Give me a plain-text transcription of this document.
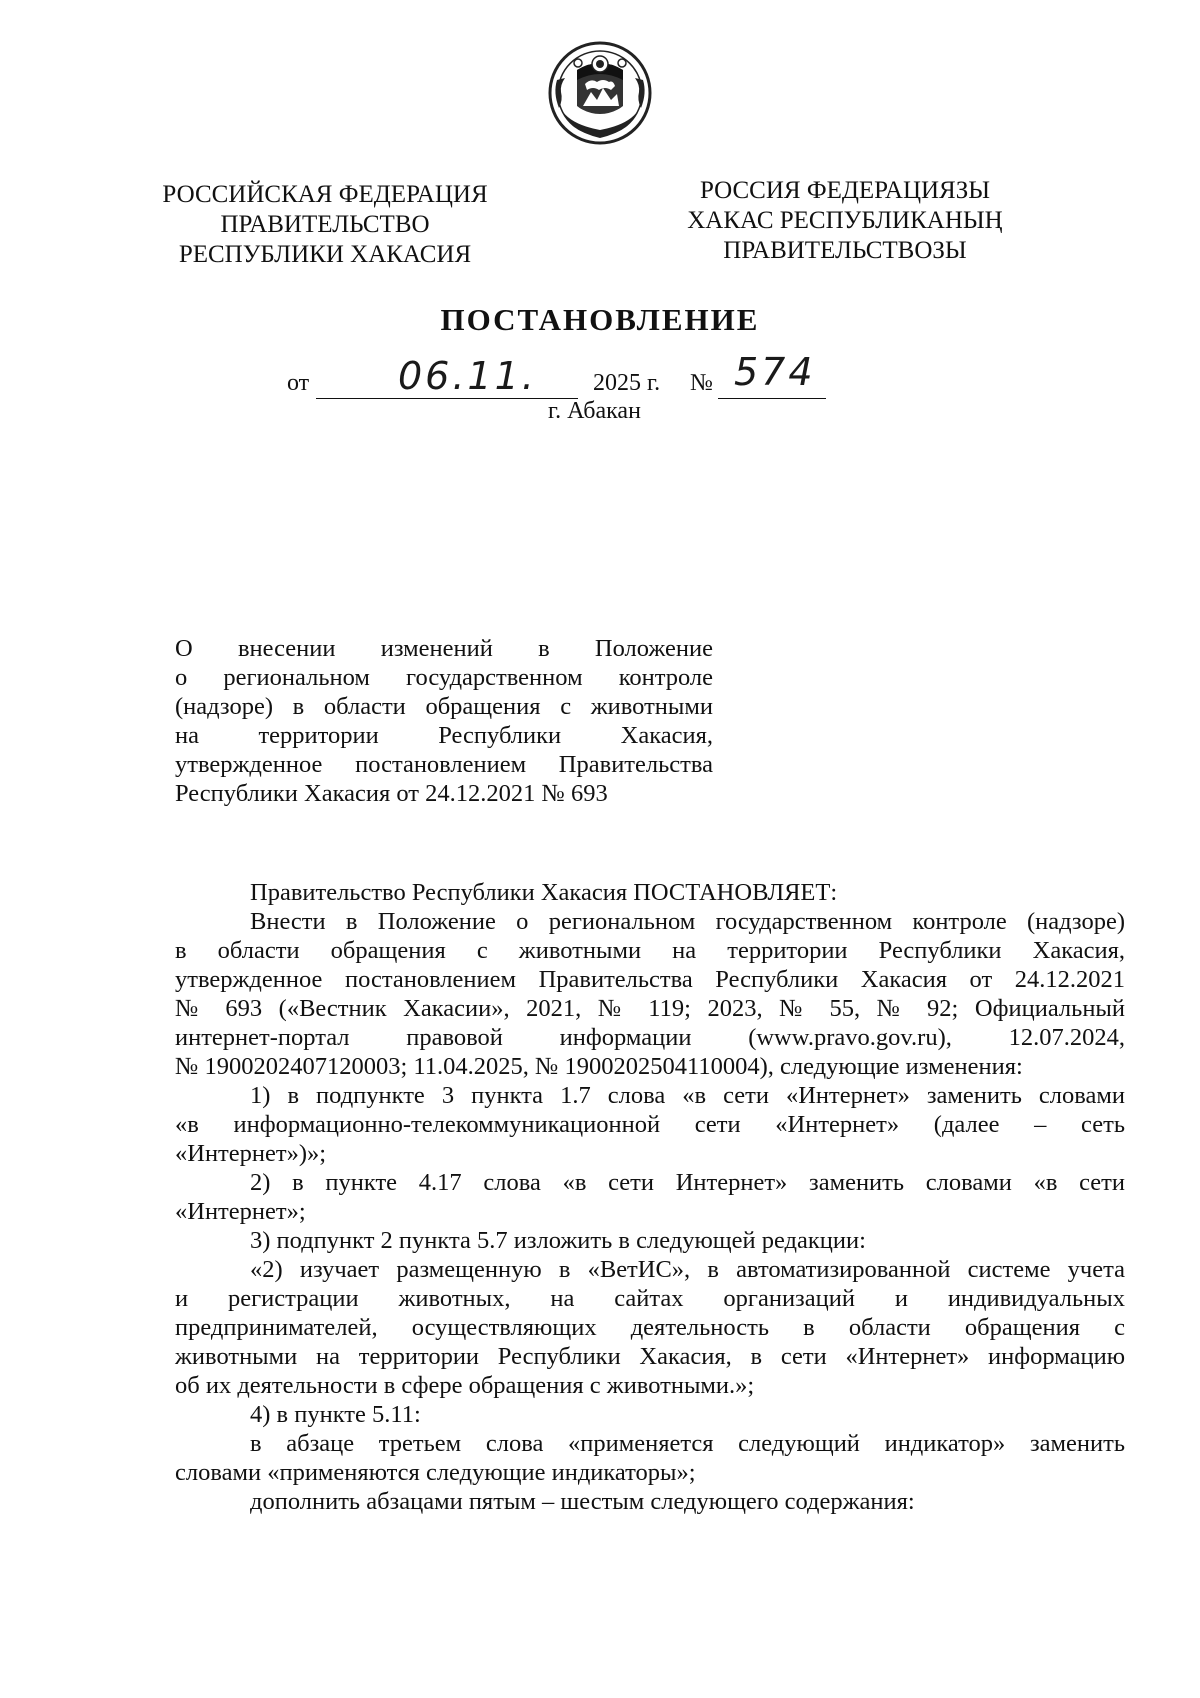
РОССИЙСКАЯ ФЕДЕРАЦИЯ
ПРАВИТЕЛЬСТВО
РЕСПУБЛИКИ ХАКАСИЯ
РОССИЯ ФЕДЕРАЦИЯЗЫ
ХАКАС РЕСПУБЛИКАНЫҢ
ПРАВИТЕЛЬСТВОЗЫ
ПОСТАНОВЛЕНИЕ
от 06.11. 2025 г. № 574
г. Абакан
О внесении изменений в Положение
о региональном государственном контроле
(надзоре) в области обращения с животными
на территории Республики Хакасия,
утвержденное постановлением Правительства
Республики Хакасия от 24.12.2021 № 693

Правительство Республики Хакасия ПОСТАНОВЛЯЕТ:

Внести в Положение о региональном государственном контроле (надзоре)
в области обращения с животными на территории Республики Хакасия,
утвержденное постановлением Правительства Республики Хакасия от 24.12.2021
№ 693 («Вестник Хакасии», 2021, № 119; 2023, № 55, № 92; Официальный
интернет-портал правовой информации (www.pravo.gov.ru), 12.07.2024,
№ 1900202407120003; 11.04.2025, № 1900202504110004), следующие изменения:

1) в подпункте 3 пункта 1.7 слова «в сети «Интернет» заменить словами
«в информационно-телекоммуникационной сети «Интернет» (далее – сеть
«Интернет»)»;

2) в пункте 4.17 слова «в сети Интернет» заменить словами «в сети
«Интернет»;

3) подпункт 2 пункта 5.7 изложить в следующей редакции:

«2) изучает размещенную в «ВетИС», в автоматизированной системе учета
и регистрации животных, на сайтах организаций и индивидуальных
предпринимателей, осуществляющих деятельность в области обращения с
животными на территории Республики Хакасия, в сети «Интернет» информацию
об их деятельности в сфере обращения с животными.»;

4) в пункте 5.11:

в абзаце третьем слова «применяется следующий индикатор» заменить
словами «применяются следующие индикаторы»;

дополнить абзацами пятым – шестым следующего содержания:
